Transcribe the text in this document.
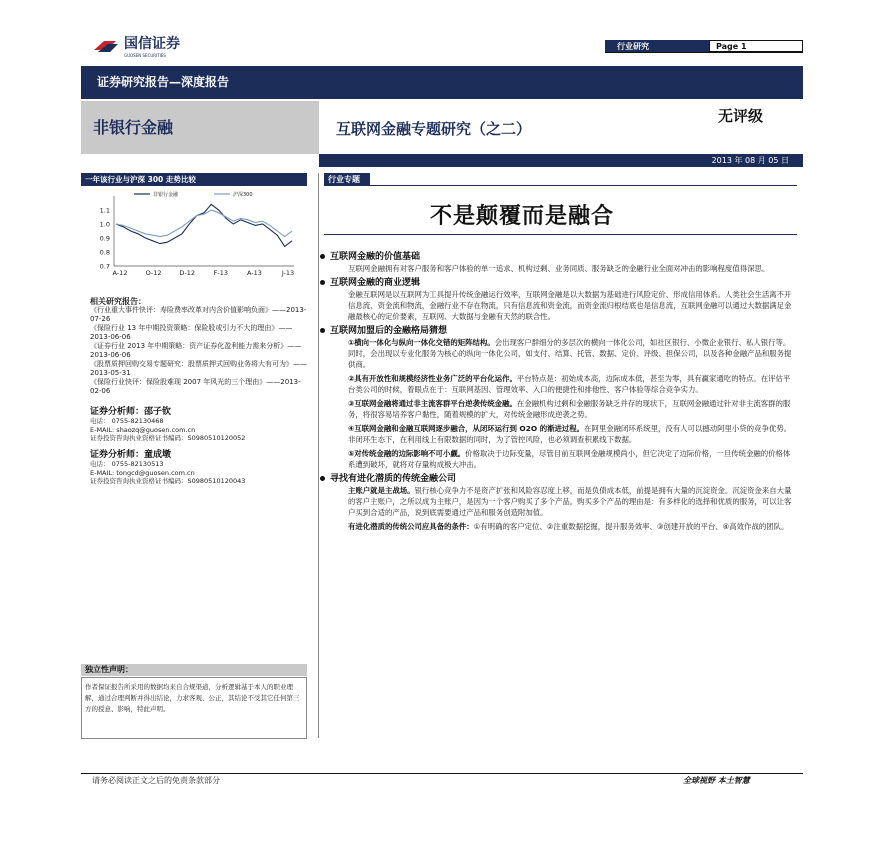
国信证券
GUOSEN SECURITIES
行业研究	Page 1
证券研究报告—深度报告
非银行金融	互联网金融专题研究（之二）
无评级
2013 年 08 月 05 日
一年该行业与沪深 300 走势比较
非银行金融	沪深300
1.1
1.0
0.9
0.8
0.7
A-12	O-12	D-12	F-13	A-13	J-13
相关研究报告：
《行业重大事件快评：寿险费率改革对内含价值影响负面》——2013-07-26
《保险行业 13 年中期投资策略：保险股或引力不大的理由》——2013-06-06
《证券行业 2013 年中期策略：资产证券化盈利能力需来分析》——2013-06-06
《股票质押回购交易专题研究：股票质押式回购业务将大有可为》——2013-05-31
《保险行业快评：保险股难现 2007 年风光的三个理由》——2013-02-06
证券分析师：邵子钦
电话： 0755-82130468
E-MAIL: shaozq@guosen.com.cn
证券投资咨询执业资格证书编码：S0980510120052
证券分析师：童成墩
电话： 0755-82130513
E-MAIL: tongcd@guosen.com.cn
证券投资咨询执业资格证书编码：S0980510120043
独立性声明：
作者保证报告所采用的数据均来自合规渠道，分析逻辑基于本人的职业理解，通过合理判断并得出结论，力求客观、公正，其结论不受其它任何第三方的授意、影响，特此声明。
行业专题
不是颠覆而是融合
互联网金融的价值基础
互联网金融拥有对客户服务和客户体验的单一追求、机构过剩、业务同质、服务缺乏的金融行业全面对冲击的影响程度值得深思。
互联网金融的商业逻辑
金融互联网是以互联网为工具提升传统金融运行效率，互联网金融是以大数据为基础进行风险定价、形成信用体系。人类社会生活离不开信息流、资金流和物流，金融行业不存在物流，只有信息流和资金流，而资金流归根结底也是信息流，互联网金融可以通过大数据满足金融最核心的定价要素，互联网、大数据与金融有天然的联合性。
互联网加盟后的金融格局猜想
①横向一体化与纵向一体化交错的矩阵结构。会出现客户群细分的多层次的横向一体化公司，如社区银行、小微企业银行、私人银行等。同时，会出现以专业化服务为核心的纵向一体化公司，如支付、结算、托管、数据、定价、评级、担保公司，以及各种金融产品和服务提供商。
②具有开放性和规模经济性业务广泛的平台化运作。平台特点是：初始成本高，边际成本低，甚至为零，具有赢家通吃的特点。在评估平台类公司的时候，着眼点在于：互联网基因、管理效率、入口的便捷性和排他性、客户体验等综合竞争实力。
③互联网金融将通过非主流客群平台逆袭传统金融。在金融机构过剩和金融服务缺乏并存的现状下，互联网金融通过针对非主流客群的服务，将很容易培养客户黏性，随着规模的扩大，对传统金融形成逆袭之势。
④互联网金融和金融互联网逐步融合，从闭环运行到 O2O 的渐进过程。在阿里金融闭环系统里，没有人可以撼动阿里小贷的竞争优势。非闭环生态下，在利用线上有限数据的同时，为了管控风险，也必须调查积累线下数据。
⑤对传统金融的边际影响不可小觑。价格取决于边际变量，尽管目前互联网金融规模尚小，但它决定了边际价格，一旦传统金融的价格体系遭到破坏，就将对存量构成极大冲击。
寻找有进化潜质的传统金融公司
主账户就是主战场。银行核心竞争力不是资产扩张和风险容忍度上移，而是负债成本低，前提是拥有大量的沉淀资金。沉淀资金来自大量的客户主账户，之所以成为主账户，是因为一个客户购买了多个产品。购买多个产品的理由是：有多样化的选择和优质的服务，可以让客户买到合适的产品，说到底需要通过产品和服务创造附加值。
有进化潜质的传统公司应具备的条件：①有明确的客户定位、②注重数据挖掘，提升服务效率、③创建开放的平台、④高效作战的团队。
请务必阅读正文之后的免责条款部分	全球视野 本土智慧
